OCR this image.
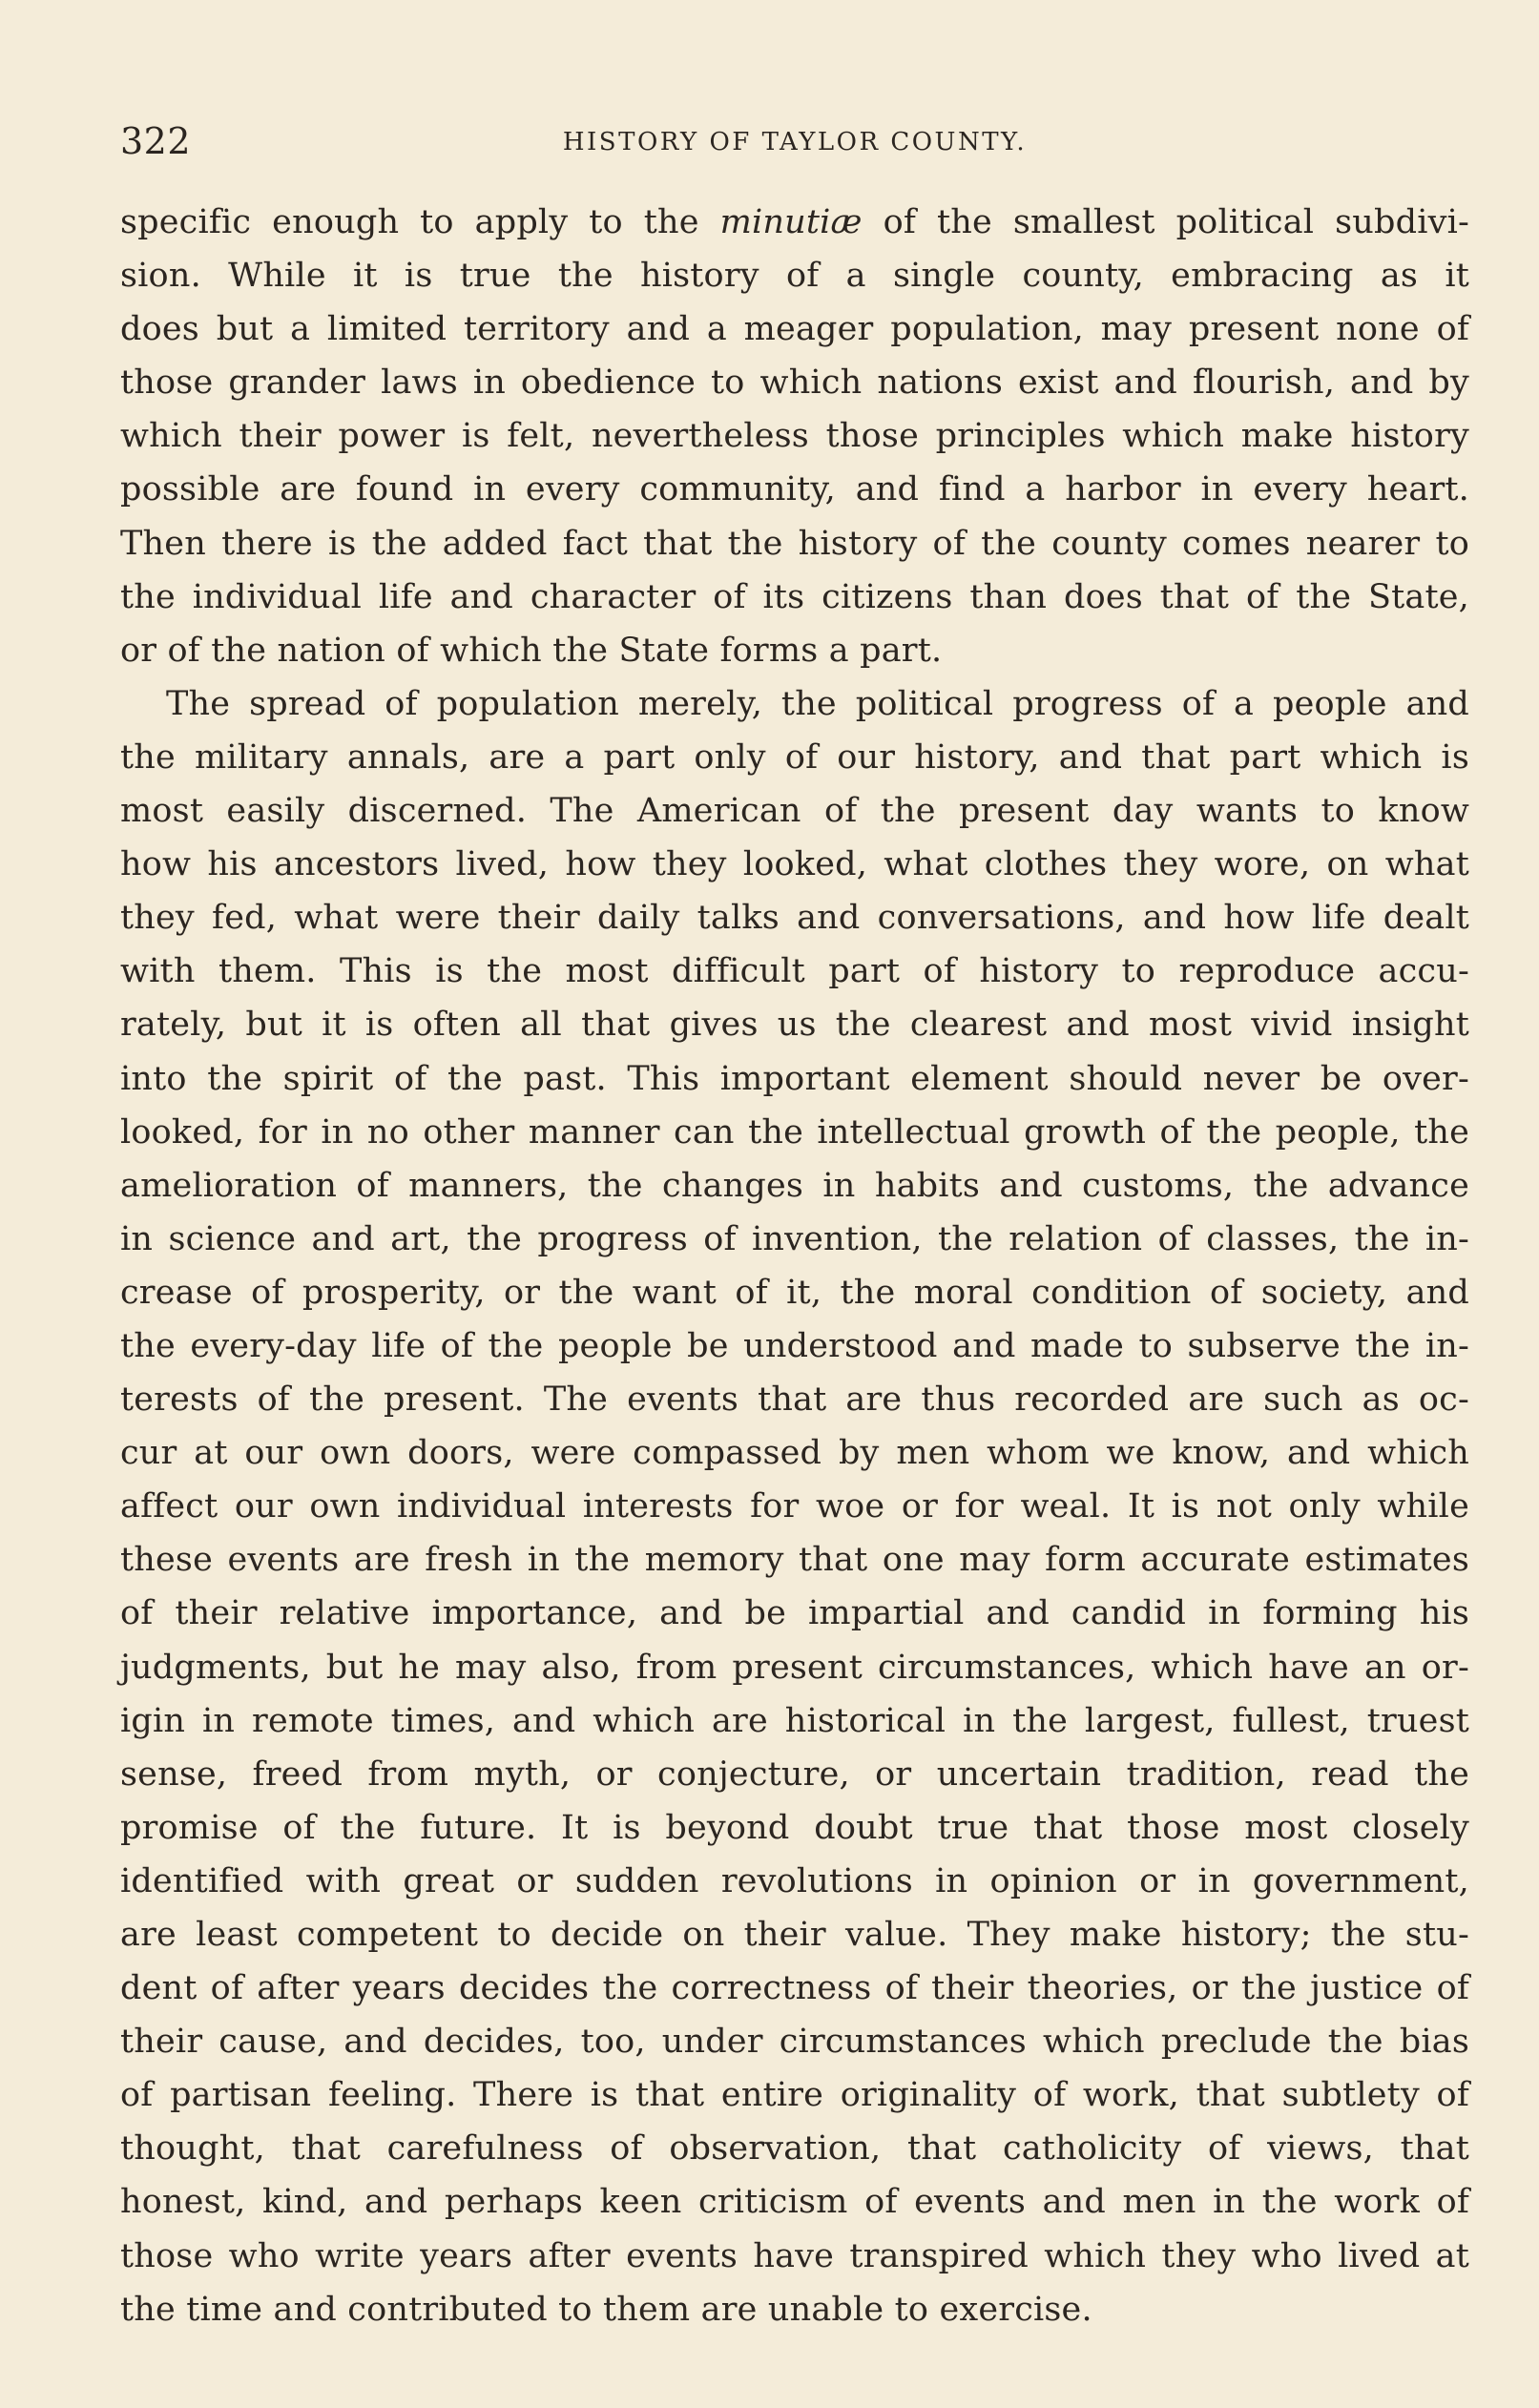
322	HISTORY OF TAYLOR COUNTY.
specific enough to apply to the minutiæ of the smallest political subdivi-
sion. While it is true the history of a single county, embracing as it
does but a limited territory and a meager population, may present none of
those grander laws in obedience to which nations exist and flourish, and by
which their power is felt, nevertheless those principles which make history
possible are found in every community, and find a harbor in every heart.
Then there is the added fact that the history of the county comes nearer to
the individual life and character of its citizens than does that of the State,
or of the nation of which the State forms a part.
The spread of population merely, the political progress of a people and
the military annals, are a part only of our history, and that part which is
most easily discerned. The American of the present day wants to know
how his ancestors lived, how they looked, what clothes they wore, on what
they fed, what were their daily talks and conversations, and how life dealt
with them. This is the most difficult part of history to reproduce accu-
rately, but it is often all that gives us the clearest and most vivid insight
into the spirit of the past. This important element should never be over-
looked, for in no other manner can the intellectual growth of the people, the
amelioration of manners, the changes in habits and customs, the advance
in science and art, the progress of invention, the relation of classes, the in-
crease of prosperity, or the want of it, the moral condition of society, and
the every-day life of the people be understood and made to subserve the in-
terests of the present. The events that are thus recorded are such as oc-
cur at our own doors, were compassed by men whom we know, and which
affect our own individual interests for woe or for weal. It is not only while
these events are fresh in the memory that one may form accurate estimates
of their relative importance, and be impartial and candid in forming his
judgments, but he may also, from present circumstances, which have an or-
igin in remote times, and which are historical in the largest, fullest, truest
sense, freed from myth, or conjecture, or uncertain tradition, read the
promise of the future. It is beyond doubt true that those most closely
identified with great or sudden revolutions in opinion or in government,
are least competent to decide on their value. They make history; the stu-
dent of after years decides the correctness of their theories, or the justice of
their cause, and decides, too, under circumstances which preclude the bias
of partisan feeling. There is that entire originality of work, that subtlety of
thought, that carefulness of observation, that catholicity of views, that
honest, kind, and perhaps keen criticism of events and men in the work of
those who write years after events have transpired which they who lived at
the time and contributed to them are unable to exercise.
